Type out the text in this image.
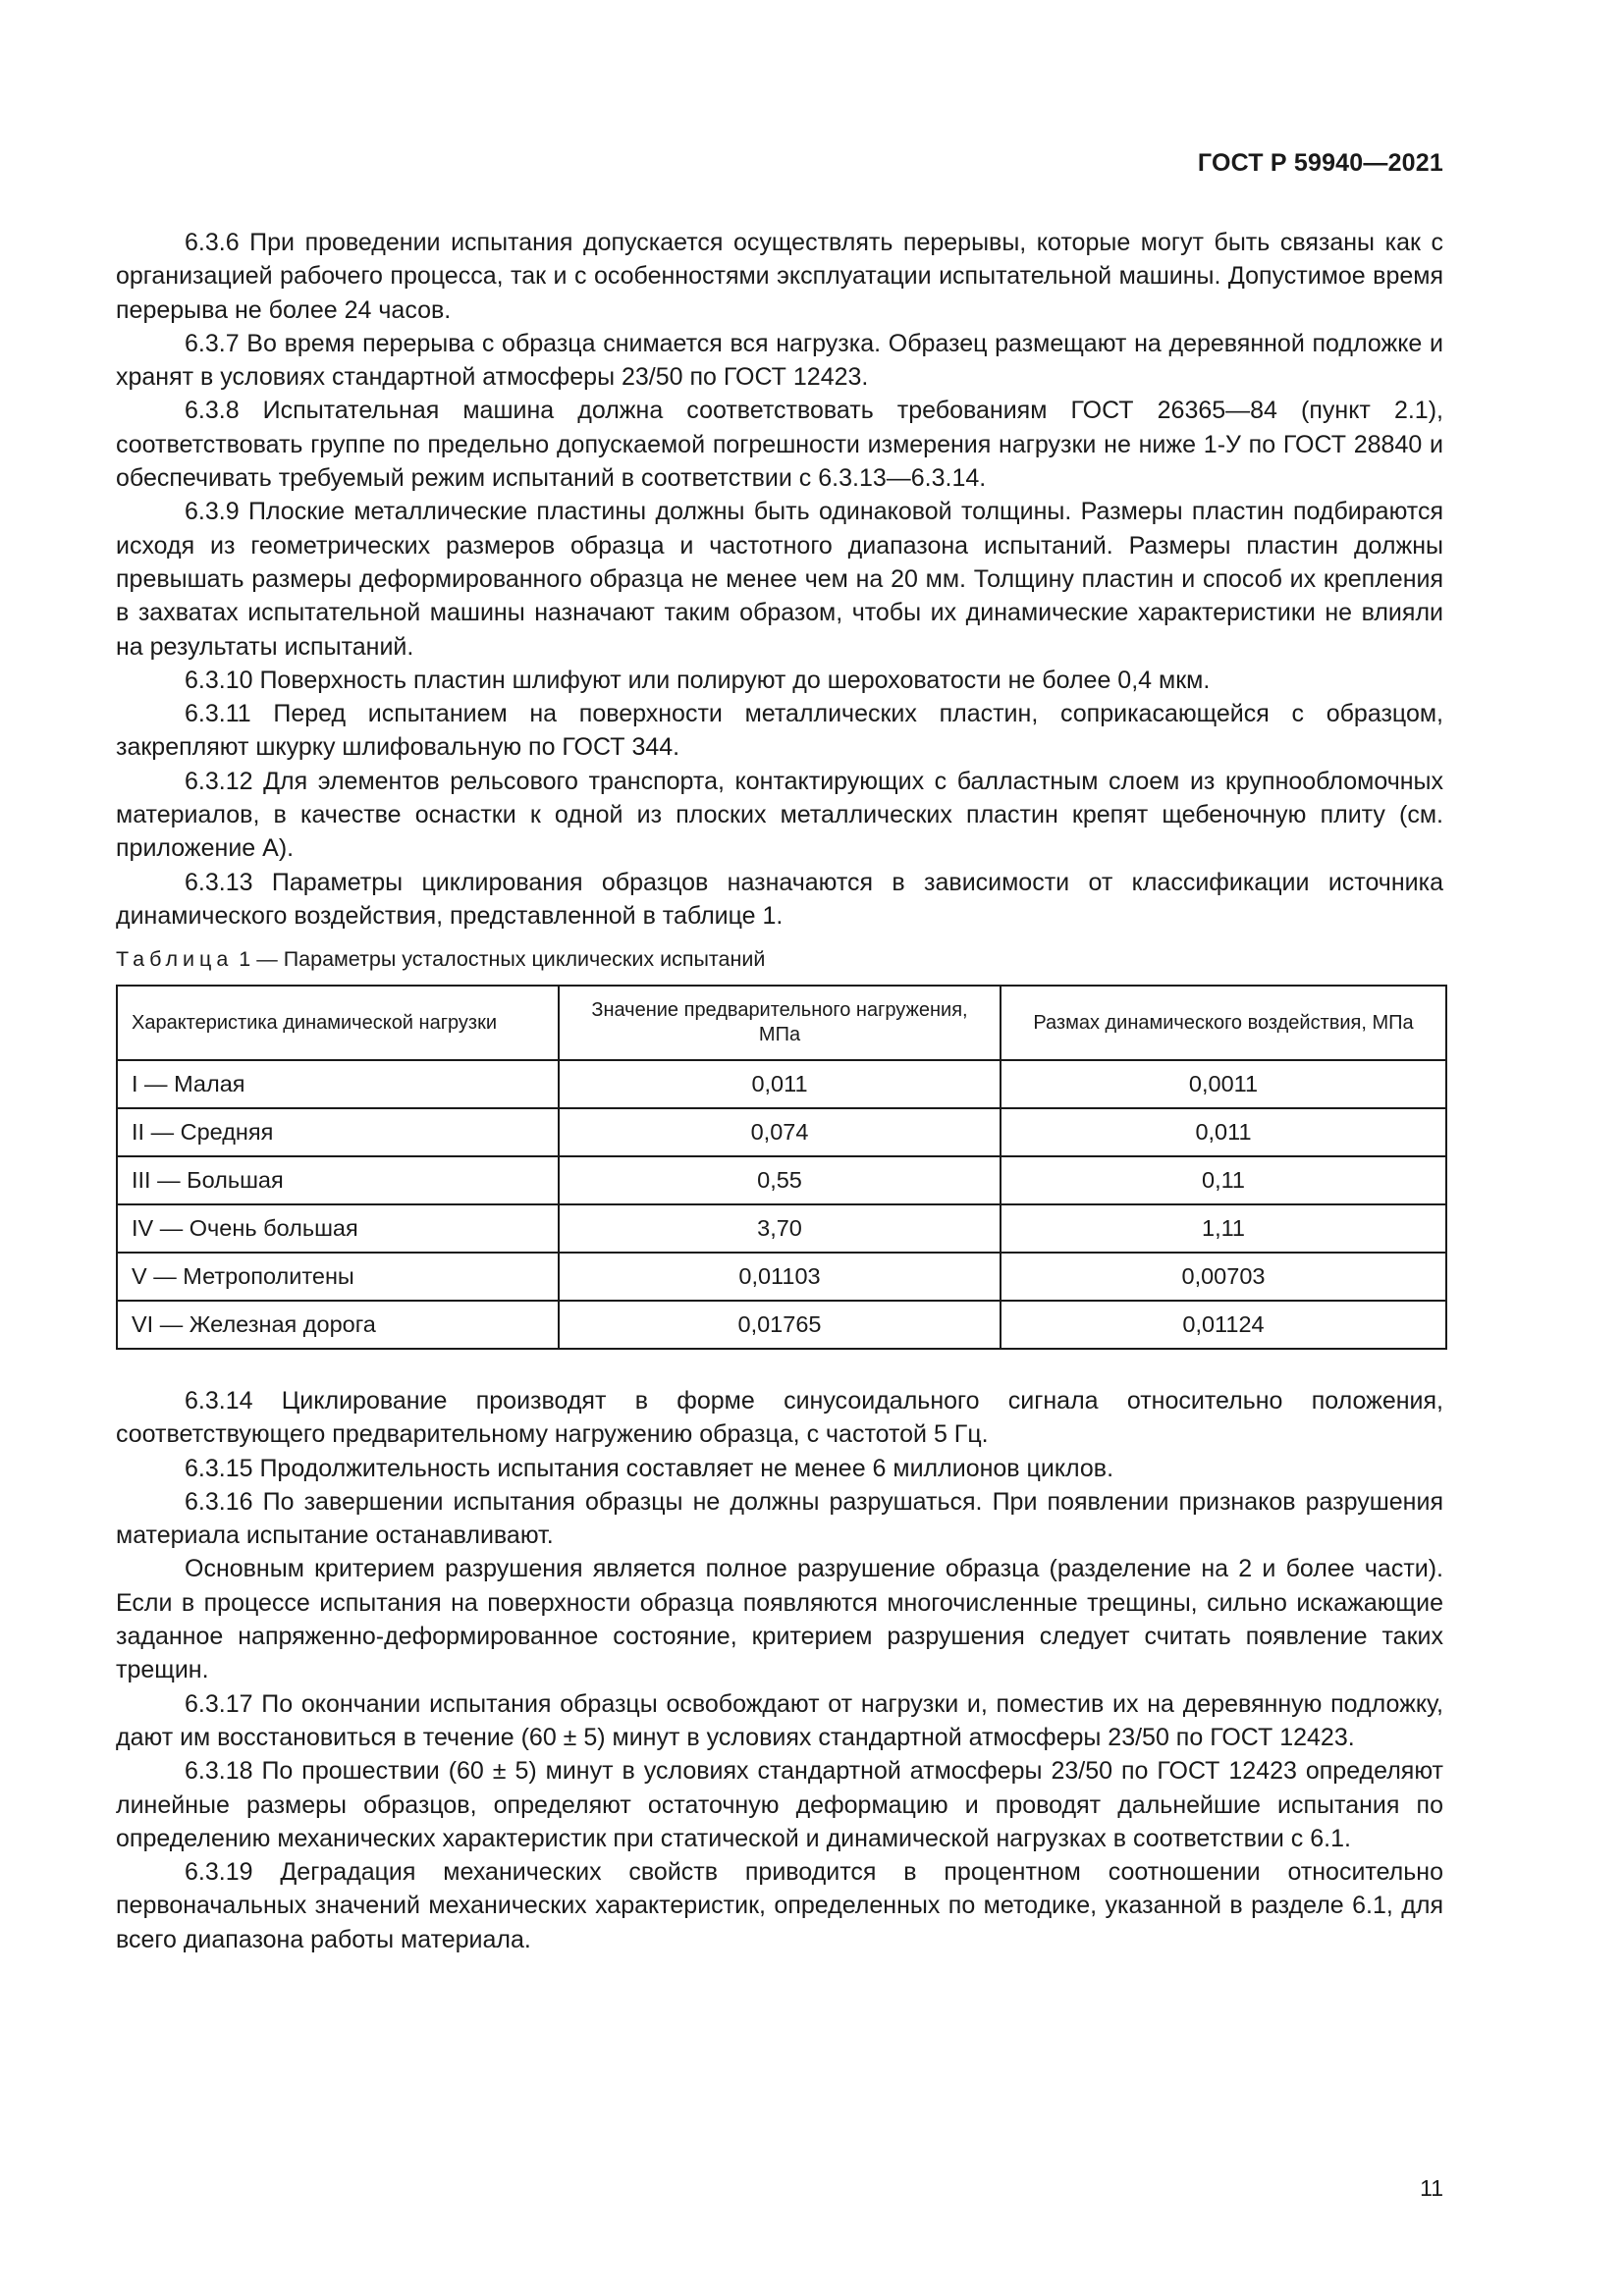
ГОСТ Р 59940—2021

6.3.6 При проведении испытания допускается осуществлять перерывы, которые могут быть связаны как с организацией рабочего процесса, так и с особенностями эксплуатации испытательной машины. Допустимое время перерыва не более 24 часов.

6.3.7 Во время перерыва с образца снимается вся нагрузка. Образец размещают на деревянной подложке и хранят в условиях стандартной атмосферы 23/50 по ГОСТ 12423.

6.3.8 Испытательная машина должна соответствовать требованиям ГОСТ 26365—84 (пункт 2.1), соответствовать группе по предельно допускаемой погрешности измерения нагрузки не ниже 1-У по ГОСТ 28840 и обеспечивать требуемый режим испытаний в соответствии с 6.3.13—6.3.14.

6.3.9 Плоские металлические пластины должны быть одинаковой толщины. Размеры пластин подбираются исходя из геометрических размеров образца и частотного диапазона испытаний. Размеры пластин должны превышать размеры деформированного образца не менее чем на 20 мм. Толщину пластин и способ их крепления в захватах испытательной машины назначают таким образом, чтобы их динамические характеристики не влияли на результаты испытаний.

6.3.10 Поверхность пластин шлифуют или полируют до шероховатости не более 0,4 мкм.

6.3.11 Перед испытанием на поверхности металлических пластин, соприкасающейся с образцом, закрепляют шкурку шлифовальную по ГОСТ 344.

6.3.12 Для элементов рельсового транспорта, контактирующих с балластным слоем из крупнообломочных материалов, в качестве оснастки к одной из плоских металлических пластин крепят щебеночную плиту (см. приложение А).

6.3.13 Параметры циклирования образцов назначаются в зависимости от классификации источника динамического воздействия, представленной в таблице 1.

Таблица 1 — Параметры усталостных циклических испытаний
Характеристика динамической нагрузки	Значение предварительного нагружения, МПа	Размах динамического воздействия, МПа
I — Малая	0,011	0,0011
II — Средняя	0,074	0,011
III — Большая	0,55	0,11
IV — Очень большая	3,70	1,11
V — Метрополитены	0,01103	0,00703
VI — Железная дорога	0,01765	0,01124

6.3.14 Циклирование производят в форме синусоидального сигнала относительно положения, соответствующего предварительному нагружению образца, с частотой 5 Гц.

6.3.15 Продолжительность испытания составляет не менее 6 миллионов циклов.

6.3.16 По завершении испытания образцы не должны разрушаться. При появлении признаков разрушения материала испытание останавливают.

Основным критерием разрушения является полное разрушение образца (разделение на 2 и более части). Если в процессе испытания на поверхности образца появляются многочисленные трещины, сильно искажающие заданное напряженно-деформированное состояние, критерием разрушения следует считать появление таких трещин.

6.3.17 По окончании испытания образцы освобождают от нагрузки и, поместив их на деревянную подложку, дают им восстановиться в течение (60 ± 5) минут в условиях стандартной атмосферы 23/50 по ГОСТ 12423.

6.3.18 По прошествии (60 ± 5) минут в условиях стандартной атмосферы 23/50 по ГОСТ 12423 определяют линейные размеры образцов, определяют остаточную деформацию и проводят дальнейшие испытания по определению механических характеристик при статической и динамической нагрузках в соответствии с 6.1.

6.3.19 Деградация механических свойств приводится в процентном соотношении относительно первоначальных значений механических характеристик, определенных по методике, указанной в разделе 6.1, для всего диапазона работы материала.

11
